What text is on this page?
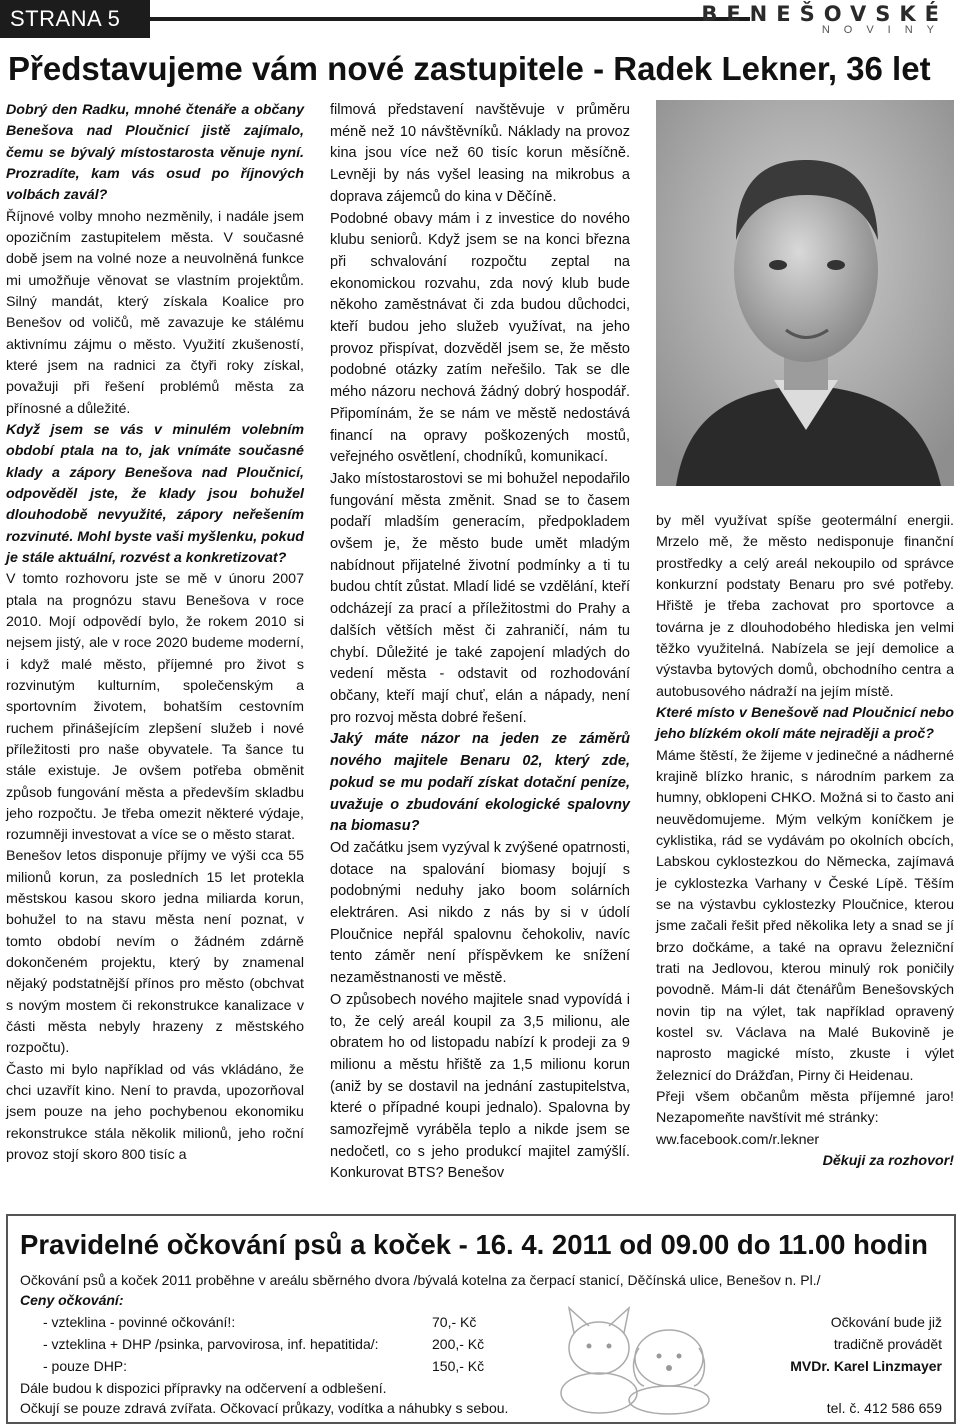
STRANA 5	BENEŠOVSKÉ
NOVINY
Představujeme vám nové zastupitele - Radek Lekner, 36 let

Dobrý den Radku, mnohé čtenáře a občany Benešova nad Ploučnicí jistě zajímalo, čemu se bývalý místostarosta věnuje nyní. Prozradíte, kam vás osud po říjnových volbách zavál?

Říjnové volby mnoho nezměnily, i nadále jsem opozičním zastupitelem města. V současné době jsem na volné noze a neuvolněná funkce mi umožňuje věnovat se vlastním projektům. Silný mandát, který získala Koalice pro Benešov od voličů, mě zavazuje ke stálému aktivnímu zájmu o město. Využití zkušeností, které jsem na radnici za čtyři roky získal, považuji při řešení problémů města za přínosné a důležité.

Když jsem se vás v minulém volebním období ptala na to, jak vnímáte současné klady a zápory Benešova nad Ploučnicí, odpověděl jste, že klady jsou bohužel dlouhodobě nevyužité, zápory neřešením rozvinuté. Mohl byste vaši myšlenku, pokud je stále aktuální, rozvést a konkretizovat?

V tomto rozhovoru jste se mě v únoru 2007 ptala na prognózu stavu Benešova v roce 2010. Mojí odpovědí bylo, že rokem 2010 si nejsem jistý, ale v roce 2020 budeme moderní, i když malé město, příjemné pro život s rozvinutým kulturním, společenským a sportovním životem, bohatším cestovním ruchem přinášejícím zlepšení služeb i nové příležitosti pro naše obyvatele. Ta šance tu stále existuje. Je ovšem potřeba obměnit způsob fungování města a především skladbu jeho rozpočtu. Je třeba omezit některé výdaje, rozumněji investovat a více se o město starat.

Benešov letos disponuje příjmy ve výši cca 55 milionů korun, za posledních 15 let protekla městskou kasou skoro jedna miliarda korun, bohužel to na stavu města není poznat, v tomto období nevím o žádném zdárně dokončeném projektu, který by znamenal nějaký podstatnější přínos pro město (obchvat s novým mostem či rekonstrukce kanalizace v části města nebyly hrazeny z městského rozpočtu).

Často mi bylo například od vás vkládáno, že chci uzavřít kino. Není to pravda, upozorňoval jsem pouze na jeho pochybenou ekonomiku rekonstrukce stála několik milionů, jeho roční provoz stojí skoro 800 tisíc a

filmová představení navštěvuje v průměru méně než 10 návštěvníků. Náklady na provoz kina jsou více než 60 tisíc korun měsíčně. Levněji by nás vyšel leasing na mikrobus a doprava zájemců do kina v Děčíně.

Podobné obavy mám i z investice do nového klubu seniorů. Když jsem se na konci března při schvalování rozpočtu zeptal na ekonomickou rozvahu, zda nový klub bude někoho zaměstnávat či zda budou důchodci, kteří budou jeho služeb využívat, na jeho provoz přispívat, dozvěděl jsem se, že město podobné otázky zatím neřešilo. Tak se dle mého názoru nechová žádný dobrý hospodář. Připomínám, že se nám ve městě nedostává financí na opravy poškozených mostů, veřejného osvětlení, chodníků, komunikací.

Jako místostarostovi se mi bohužel nepodařilo fungování města změnit. Snad se to časem podaří mladším generacím, předpokladem ovšem je, že město bude umět mladým nabídnout přijatelné životní podmínky a ti tu budou chtít zůstat. Mladí lidé se vzdělání, kteří odcházejí za prací a příležitostmi do Prahy a dalších větších měst či zahraničí, nám tu chybí. Důležité je také zapojení mladých do vedení města - odstavit od rozhodování občany, kteří mají chuť, elán a nápady, není pro rozvoj města dobré řešení.

Jaký máte názor na jeden ze záměrů nového majitele Benaru 02, který zde, pokud se mu podaří získat dotační peníze, uvažuje o zbudování ekologické spalovny na biomasu?

Od začátku jsem vyzýval k zvýšené opatrnosti, dotace na spalování biomasy bojují s podobnými neduhy jako boom solárních elektráren. Asi nikdo z nás by si v údolí Ploučnice nepřál spalovnu čehokoliv, navíc tento záměr není příspěvkem ke snížení nezaměstnanosti ve městě.

O způsobech nového majitele snad vypovídá i to, že celý areál koupil za 3,5 milionu, ale obratem ho od listopadu nabízí k prodeji za 9 milionu a městu hřiště za 1,5 milionu korun (aniž by se dostavil na jednání zastupitelstva, které o případné koupi jednalo). Spalovna by samozřejmě vyráběla teplo a nikde jsem se nedočetl, co s jeho produkcí majitel zamýšlí. Konkurovat BTS? Benešov

by měl využívat spíše geotermální energii. Mrzelo mě, že město nedisponuje finanční prostředky a celý areál nekoupilo od správce konkurzní podstaty Benaru pro své potřeby. Hřiště je třeba zachovat pro sportovce a továrna je z dlouhodobého hlediska jen velmi těžko využitelná. Nabízela se její demolice a výstavba bytových domů, obchodního centra a autobusového nádraží na jejím místě.

Které místo v Benešově nad Ploučnicí nebo jeho blízkém okolí máte nejraději a proč?

Máme štěstí, že žijeme v jedinečné a nádherné krajině blízko hranic, s národním parkem za humny, obklopeni CHKO. Možná si to často ani neuvědomujeme. Mým velkým koníčkem je cyklistika, rád se vydávám po okolních obcích, Labskou cyklostezkou do Německa, zajímavá je cyklostezka Varhany v České Lípě. Těším se na výstavbu cyklostezky Ploučnice, kterou jsme začali řešit před několika lety a snad se jí brzo dočkáme, a také na opravu železniční trati na Jedlovou, kterou minulý rok poničily povodně. Mám-li dát čtenářům Benešovských novin tip na výlet, tak například opravený kostel sv. Václava na Malé Bukovině je naprosto magické místo, zkuste i výlet železnicí do Drážďan, Pirny či Heidenau.

Přeji všem občanům města příjemné jaro! Nezapomeňte navštívit mé stránky:

ww.facebook.com/r.lekner

Děkuji za rozhovor!

Pravidelné očkování psů a koček - 16. 4. 2011 od 09.00 do 11.00 hodin
Očkování psů a koček 2011 proběhne v areálu sběrného dvora /bývalá kotelna za čerpací stanicí, Děčínská ulice, Benešov n. Pl./
Ceny očkování:
- vzteklina - povinné očkování!:	70,- Kč
- vzteklina + DHP /psinka, parvovirosa, inf. hepatitida/:	200,- Kč
- pouze DHP:	150,- Kč
Dále budou k dispozici přípravky na odčervení a odblešení.
Očkují se pouze zdravá zvířata. Očkovací průkazy, vodítka a náhubky s sebou.
Očkování bude již
tradičně provádět
MVDr. Karel Linzmayer
tel. č. 412 586 659
